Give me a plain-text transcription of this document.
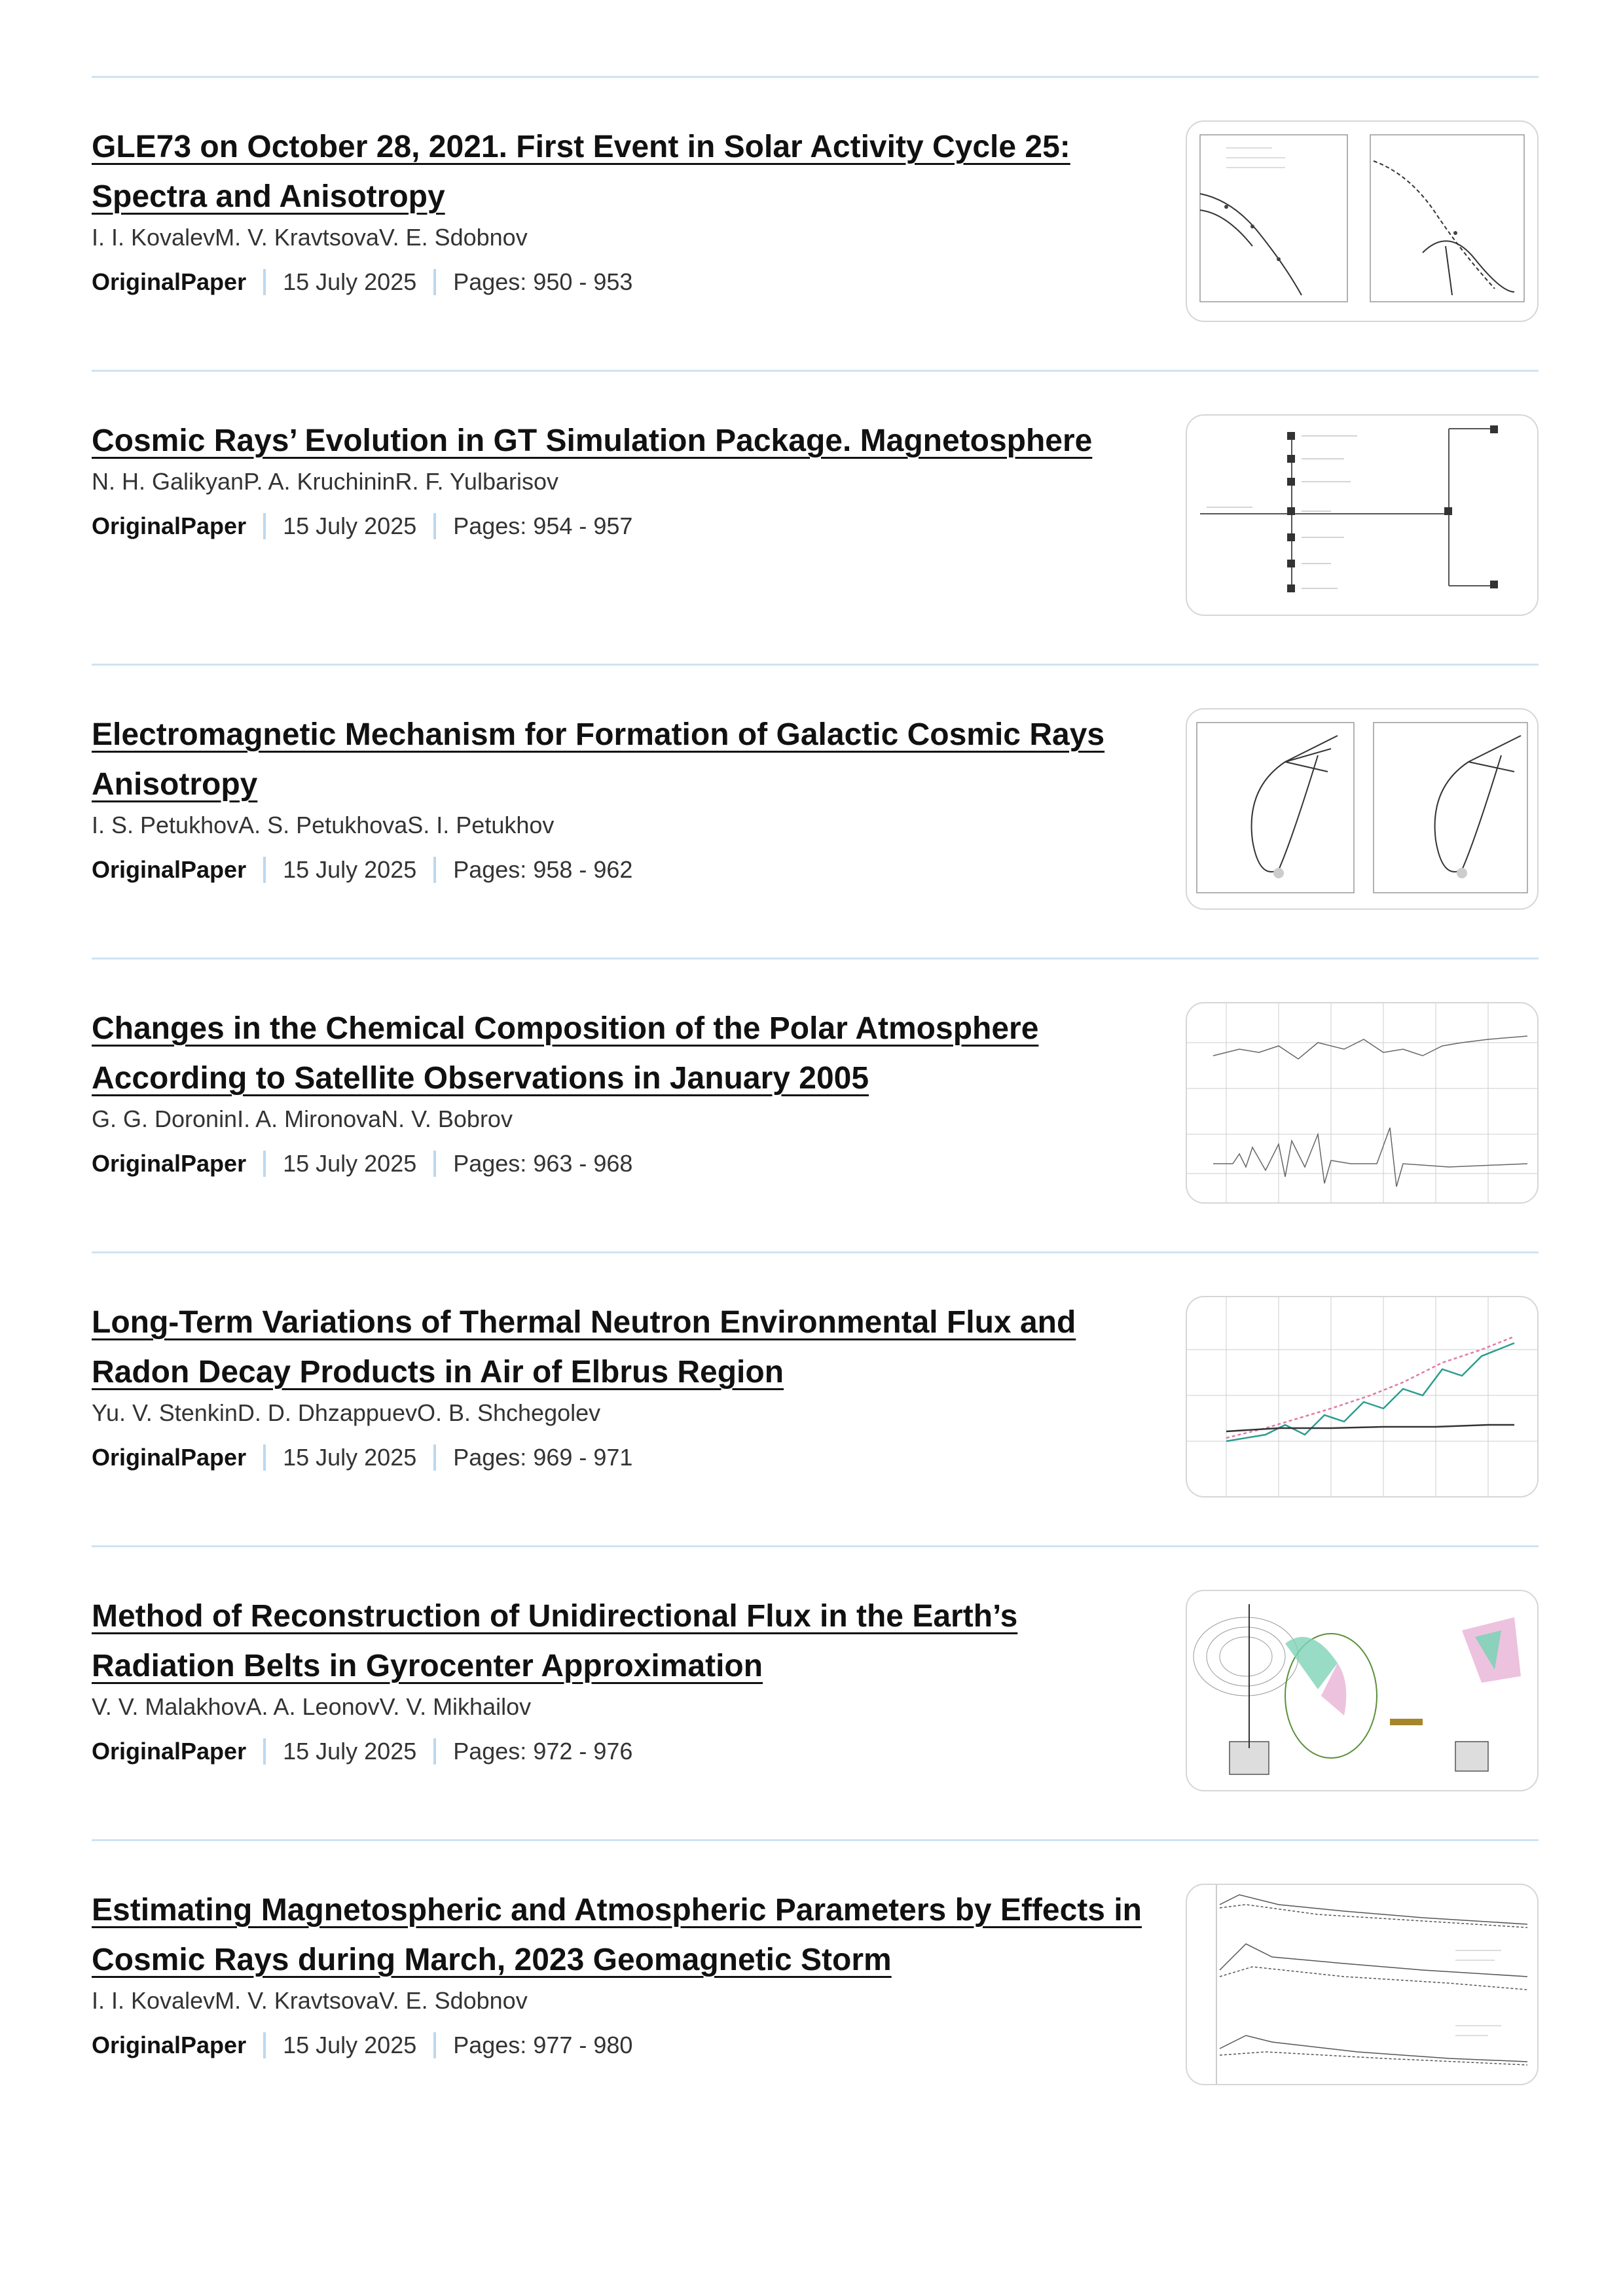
GLE73 on October 28, 2021. First Event in Solar Activity Cycle 25: Spectra and Anisotropy
I. I. KovalevM. V. KravtsovaV. E. Sdobnov
OriginalPaper 15 July 2025 Pages: 950 - 953
Cosmic Rays’ Evolution in GT Simulation Package. Magnetosphere
N. H. GalikyanP. A. KruchininR. F. Yulbarisov
OriginalPaper 15 July 2025 Pages: 954 - 957
Electromagnetic Mechanism for Formation of Galactic Cosmic Rays Anisotropy
I. S. PetukhovA. S. PetukhovaS. I. Petukhov
OriginalPaper 15 July 2025 Pages: 958 - 962
Changes in the Chemical Composition of the Polar Atmosphere According to Satellite Observations in January 2005
G. G. DoroninI. A. MironovaN. V. Bobrov
OriginalPaper 15 July 2025 Pages: 963 - 968
Long-Term Variations of Thermal Neutron Environmental Flux and Radon Decay Products in Air of Elbrus Region
Yu. V. StenkinD. D. DhzappuevO. B. Shchegolev
OriginalPaper 15 July 2025 Pages: 969 - 971
Method of Reconstruction of Unidirectional Flux in the Earth’s Radiation Belts in Gyrocenter Approximation
V. V. MalakhovA. A. LeonovV. V. Mikhailov
OriginalPaper 15 July 2025 Pages: 972 - 976
Estimating Magnetospheric and Atmospheric Parameters by Effects in Cosmic Rays during March, 2023 Geomagnetic Storm
I. I. KovalevM. V. KravtsovaV. E. Sdobnov
OriginalPaper 15 July 2025 Pages: 977 - 980
